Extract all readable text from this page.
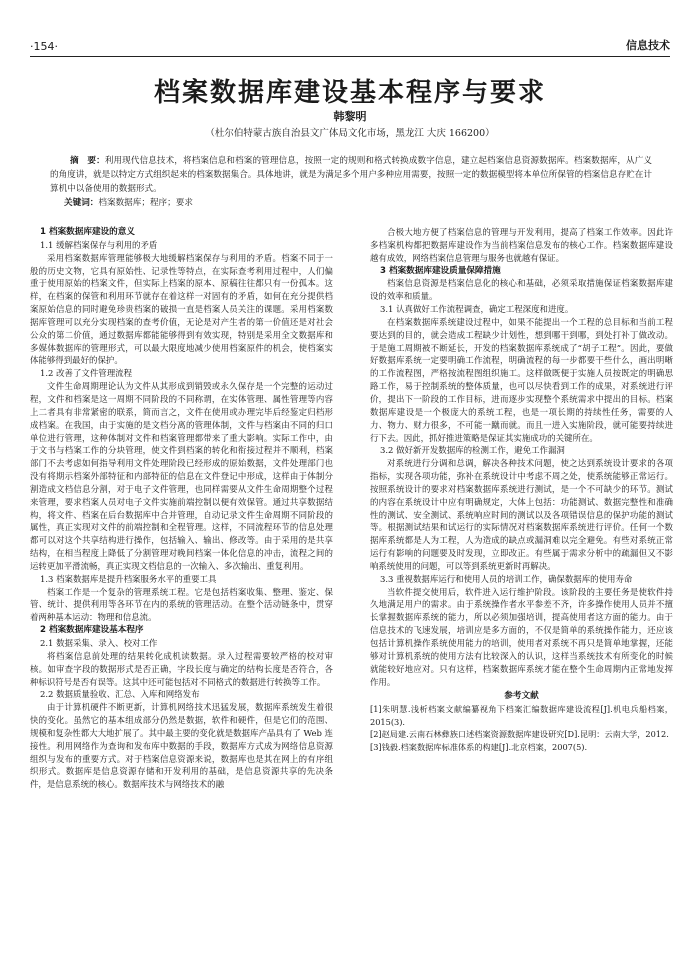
·154·	信息技术
档案数据库建设基本程序与要求
韩黎明
（杜尔伯特蒙古族自治县文广体局文化市场，黑龙江 大庆 166200）
摘　要：利用现代信息技术，将档案信息和档案的管理信息，按照一定的规则和格式转换成数字信息，建立起档案信息资源数据库。档案数据库，从广义的角度讲，就是以特定方式组织起来的档案数据集合。具体地讲，就是为满足多个用户多种应用需要，按照一定的数据模型将本单位所保管的档案信息存贮在计算机中以备使用的数据形式。
关键词：档案数据库；程序；要求
1 档案数据库建设的意义
1.1 缓解档案保存与利用的矛盾

采用档案数据库管理能够极大地缓解档案保存与利用的矛盾。档案不同于一般的历史文物，它具有原始性、记录性等特点，在实际查考利用过程中，人们偏重于使用原始的档案文件，但实际上档案的原本、原稿往往都只有一份孤本。这样，在档案的保管和利用环节就存在着这样一对固有的矛盾，如何在充分提供档案原始信息的同时避免珍贵档案的破损一直是档案人员关注的课题。采用档案数据库管理可以充分实现档案的查考价值，无论是对产生者的第一价值还是对社会公众的第二价值，通过数据库都能能够得到有效实现，特别是采用全文数据库和多媒体数据库的管理形式，可以最大限度地减少使用档案原件的机会，使档案实体能够得到最好的保护。

1.2 改善了文件管理流程

文件生命周期理论认为文件从其形成到销毁或永久保存是一个完整的运动过程，文件和档案是这一周期不同阶段的不同称谓，在实体管理、属性管理等内容上二者具有非常紧密的联系，简而言之，文件在使用或办理完毕后经鉴定归档形成档案。在我国，由于实施的是文档分离的管理体制，文件与档案由不同的归口单位进行管理，这种体制对文件和档案管理都带来了重大影响。实际工作中，由于文书与档案工作的分块管理，使文件到档案的转化和衔接过程并不顺利，档案部门不去考虑如何指导利用文件处理阶段已经形成的原始数据，文件处理部门也没有将期示档案外部特征和内部特征的信息在文件登记中形成，这样由于体制分割造成文档信息分割，对于电子文件管理，也同样需要从文件生命周期整个过程来管理，要求档案人员对电子文件实施前端控制以便有效保管。通过共享数据结构，将文件、档案在后台数据库中合并管理，自动记录文件生命周期不同阶段的属性，真正实现对文件的前端控制和全程管理。这样，不同流程环节的信息处理都可以对这个共享结构进行操作，包括输入、输出、修改等。由于采用的是共享结构，在相当程度上降低了分割管理对晚间档案一体化信息的冲击，流程之间的运转更加平滑流畅，真正实现文档信息的一次输入、多次输出、重复利用。

1.3 档案数据库是提升档案服务水平的重要工具

档案工作是一个复杂的管理系统工程。它是包括档案收集、整理、鉴定、保管、统计、提供利用等各环节在内的系统的管理活动。在整个活动链条中，贯穿着两种基本运动：物理和信息流。

2 档案数据库建设基本程序
2.1 数据采集、录入、校对工作

将档案信息前处理的结果转化成机读数据。录入过程需要较严格的校对审核。如审查字段的数据形式是否正确，字段长度与确定的结构长度是否符合，各种标识符号是否有误等。这其中还可能包括对不同格式的数据进行转换等工作。

2.2 数据质量验收、汇总、入库和网络发布

由于计算机硬件不断更新，计算机网络技术迅猛发展，数据库系统发生着很快的变化。虽然它的基本组成部分仍然是数据，软件和硬件，但是它们的范围、规模和复杂性都大大地扩展了。其中最主要的变化就是数据库产品具有了 Web 连接性。利用网络作为查询和发布库中数据的手段，数据库方式成为网络信息资源组织与发布的重要方式。对于档案信息资源来说，数据库也是其在网上的有序组织形式。数据库是信息资源存储和开发利用的基础，是信息资源共享的先决条件，是信息系统的核心。数据库技术与网络技术的融

合极大地方便了档案信息的管理与开发利用，提高了档案工作效率。因此许多档案机构都把数据库建设作为当前档案信息发布的核心工作。档案数据库建设越有成效，网络档案信息管理与服务也就越有保证。

3 档案数据库建设质量保障措施

档案信息资源是档案信息化的核心和基础，必须采取措施保证档案数据库建设的效率和质量。

3.1 认真做好工作流程调查，确定工程深度和进度。

在档案数据库系统建设过程中，如果不能提出一个工程的总目标和当前工程要达到的目的，就会造成工程缺少计划性，想到哪干到哪，到处打补丁做改动。于是施工周期被不断延长，开发的档案数据库系统成了“胡子工程”。因此，要做好数据库系统一定要明确工作流程，明确流程的每一步都要干些什么，画出明晰的工作流程图，严格按流程图组织施工。这样做既便于实施人员按既定的明确思路工作，易于控制系统的整体质量，也可以尽快看到工作的成果，对系统进行评价，提出下一阶段的工作目标，进而逐步实现整个系统需求中提出的目标。档案数据库建设是一个极庞大的系统工程，也是一项长期的持续性任务，需要的人力、物力、财力很多，不可能一蹴而就。而且一进入实施阶段，就可能要持续进行下去。因此，抓好推进策略是保证其实施成功的关键所在。

3.2 做好新开发数据库的检测工作，避免工作漏洞

对系统进行分调和总调，解决各种技术问题，使之达到系统设计要求的各项指标，实现各项功能，弥补在系统设计中考虑不周之处，使系统能够正常运行。按照系统设计的要求对档案数据库系统进行测试，是一个不可缺少的环节。测试的内容在系统设计中应有明确规定，大体上包括：功能测试、数据完整性和准确性的测试、安全测试、系统响应时间的测试以及各项错误信息的保护功能的测试等。根据测试结果和试运行的实际情况对档案数据库系统进行评价。任何一个数据库系统都是人为工程，人为造成的缺点或漏洞难以完全避免。有些对系统正常运行有影响的问题要及时发现，立即改正。有些属于需求分析中的疏漏但又不影响系统使用的问题，可以等到系统更新时再解决。

3.3 重视数据库运行和使用人员的培训工作，确保数据库的使用寿命

当软件提交使用后，软件进入运行维护阶段。该阶段的主要任务是使软件持久地满足用户的需求。由于系统操作者水平参差不齐，许多操作使用人员并不擅长掌握数据库系统的能力，所以必须加强培训，提高使用者这方面的能力。由于信息技术的飞速发展，培训应是多方面的，不仅是简单的系统操作能力，还应该包括计算机操作系统使用能力的培训，使用者对系统不再只是简单地掌握，还能够对计算机系统的使用方法有比较深入的认识，这样当系统技术有所变化的时候就能较好地应对。只有这样，档案数据库系统才能在整个生命周期内正常地发挥作用。

参考文献
[1]朱明慧.浅析档案文献编纂视角下档案汇编数据库建设流程[J].机电兵船档案，2015(3).
[2]赵局建.云南石林彝族口述档案资源数据库建设研究[D].昆明：云南大学，2012.
[3]钱毅.档案数据库标准体系的构建[J].北京档案，2007(5).
